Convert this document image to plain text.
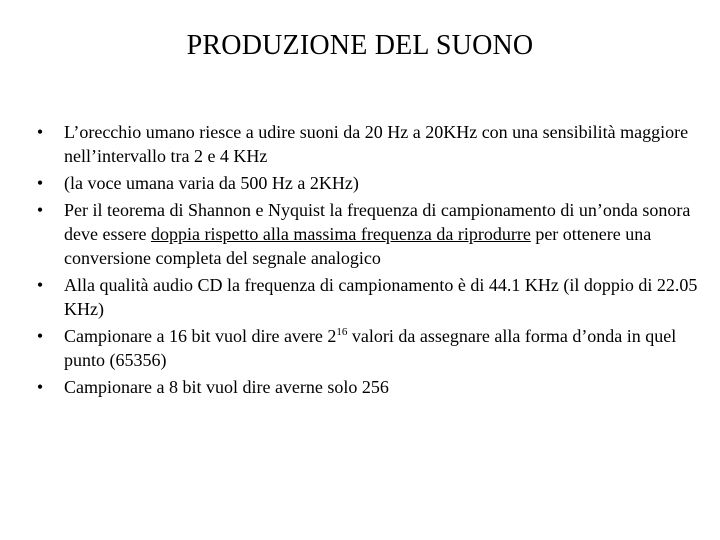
PRODUZIONE DEL SUONO
•	L’orecchio umano riesce a udire suoni da 20 Hz a 20KHz con una sensibilità maggiore nell’intervallo tra 2 e 4 KHz
•	(la voce umana varia da 500 Hz a 2KHz)
•	Per il teorema di Shannon e Nyquist la frequenza di campionamento di un’onda sonora deve essere doppia rispetto alla massima frequenza da riprodurre per ottenere una conversione completa del segnale analogico
•	Alla qualità audio CD la frequenza di campionamento è di 44.1 KHz (il doppio di 22.05 KHz)
•	Campionare a 16 bit vuol dire avere $2^{16}$ valori da assegnare alla forma d’onda in quel punto (65356)
•	Campionare a 8 bit vuol dire averne solo 256
